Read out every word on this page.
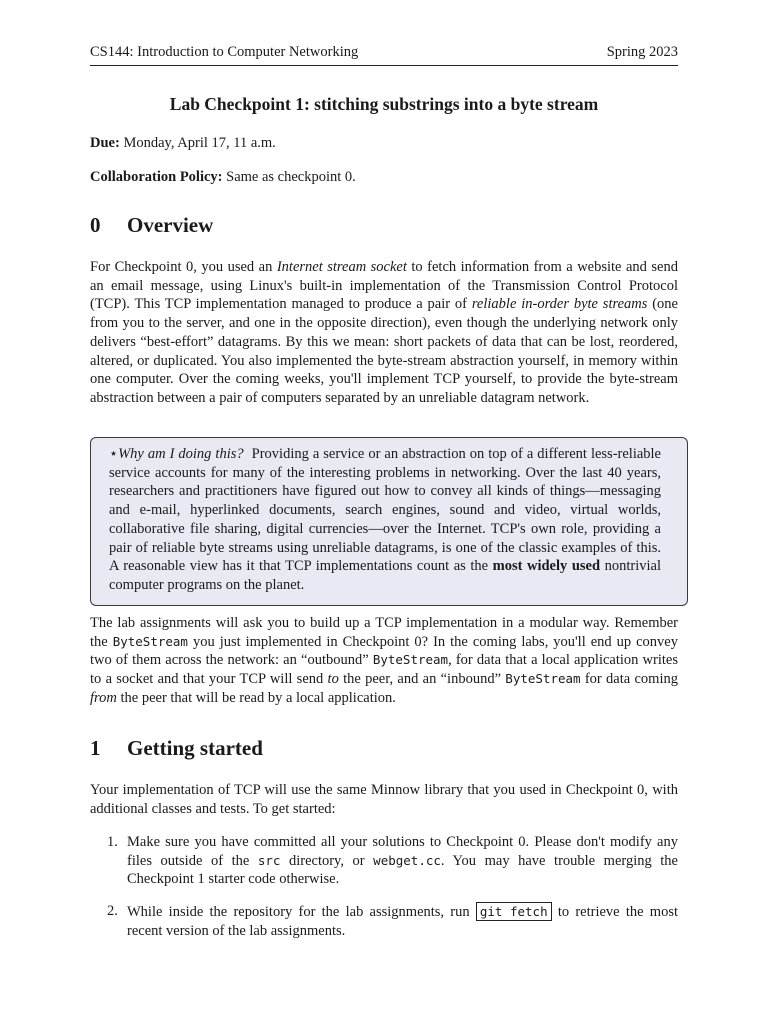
CS144: Introduction to Computer Networking	Spring 2023
Lab Checkpoint 1: stitching substrings into a byte stream
Due: Monday, April 17, 11 a.m.
Collaboration Policy: Same as checkpoint 0.
0 Overview
For Checkpoint 0, you used an Internet stream socket to fetch information from a website and send an email message, using Linux's built-in implementation of the Transmission Control Protocol (TCP). This TCP implementation managed to produce a pair of reliable in-order byte streams (one from you to the server, and one in the opposite direction), even though the underlying network only delivers “best-effort” datagrams. By this we mean: short packets of data that can be lost, reordered, altered, or duplicated. You also implemented the byte-stream abstraction yourself, in memory within one computer. Over the coming weeks, you'll implement TCP yourself, to provide the byte-stream abstraction between a pair of computers separated by an unreliable datagram network.
⋆Why am I doing this?  Providing a service or an abstraction on top of a different less-reliable service accounts for many of the interesting problems in networking. Over the last 40 years, researchers and practitioners have figured out how to convey all kinds of things—messaging and e-mail, hyperlinked documents, search engines, sound and video, virtual worlds, collaborative file sharing, digital currencies—over the Internet. TCP's own role, providing a pair of reliable byte streams using unreliable datagrams, is one of the classic examples of this. A reasonable view has it that TCP implementations count as the most widely used nontrivial computer programs on the planet.
The lab assignments will ask you to build up a TCP implementation in a modular way. Remember the ByteStream you just implemented in Checkpoint 0? In the coming labs, you'll end up convey two of them across the network: an “outbound” ByteStream, for data that a local application writes to a socket and that your TCP will send to the peer, and an “inbound” ByteStream for data coming from the peer that will be read by a local application.
1 Getting started
Your implementation of TCP will use the same Minnow library that you used in Checkpoint 0, with additional classes and tests. To get started:
1. Make sure you have committed all your solutions to Checkpoint 0. Please don't modify any files outside of the src directory, or webget.cc. You may have trouble merging the Checkpoint 1 starter code otherwise.
2. While inside the repository for the lab assignments, run git fetch to retrieve the most recent version of the lab assignments.
